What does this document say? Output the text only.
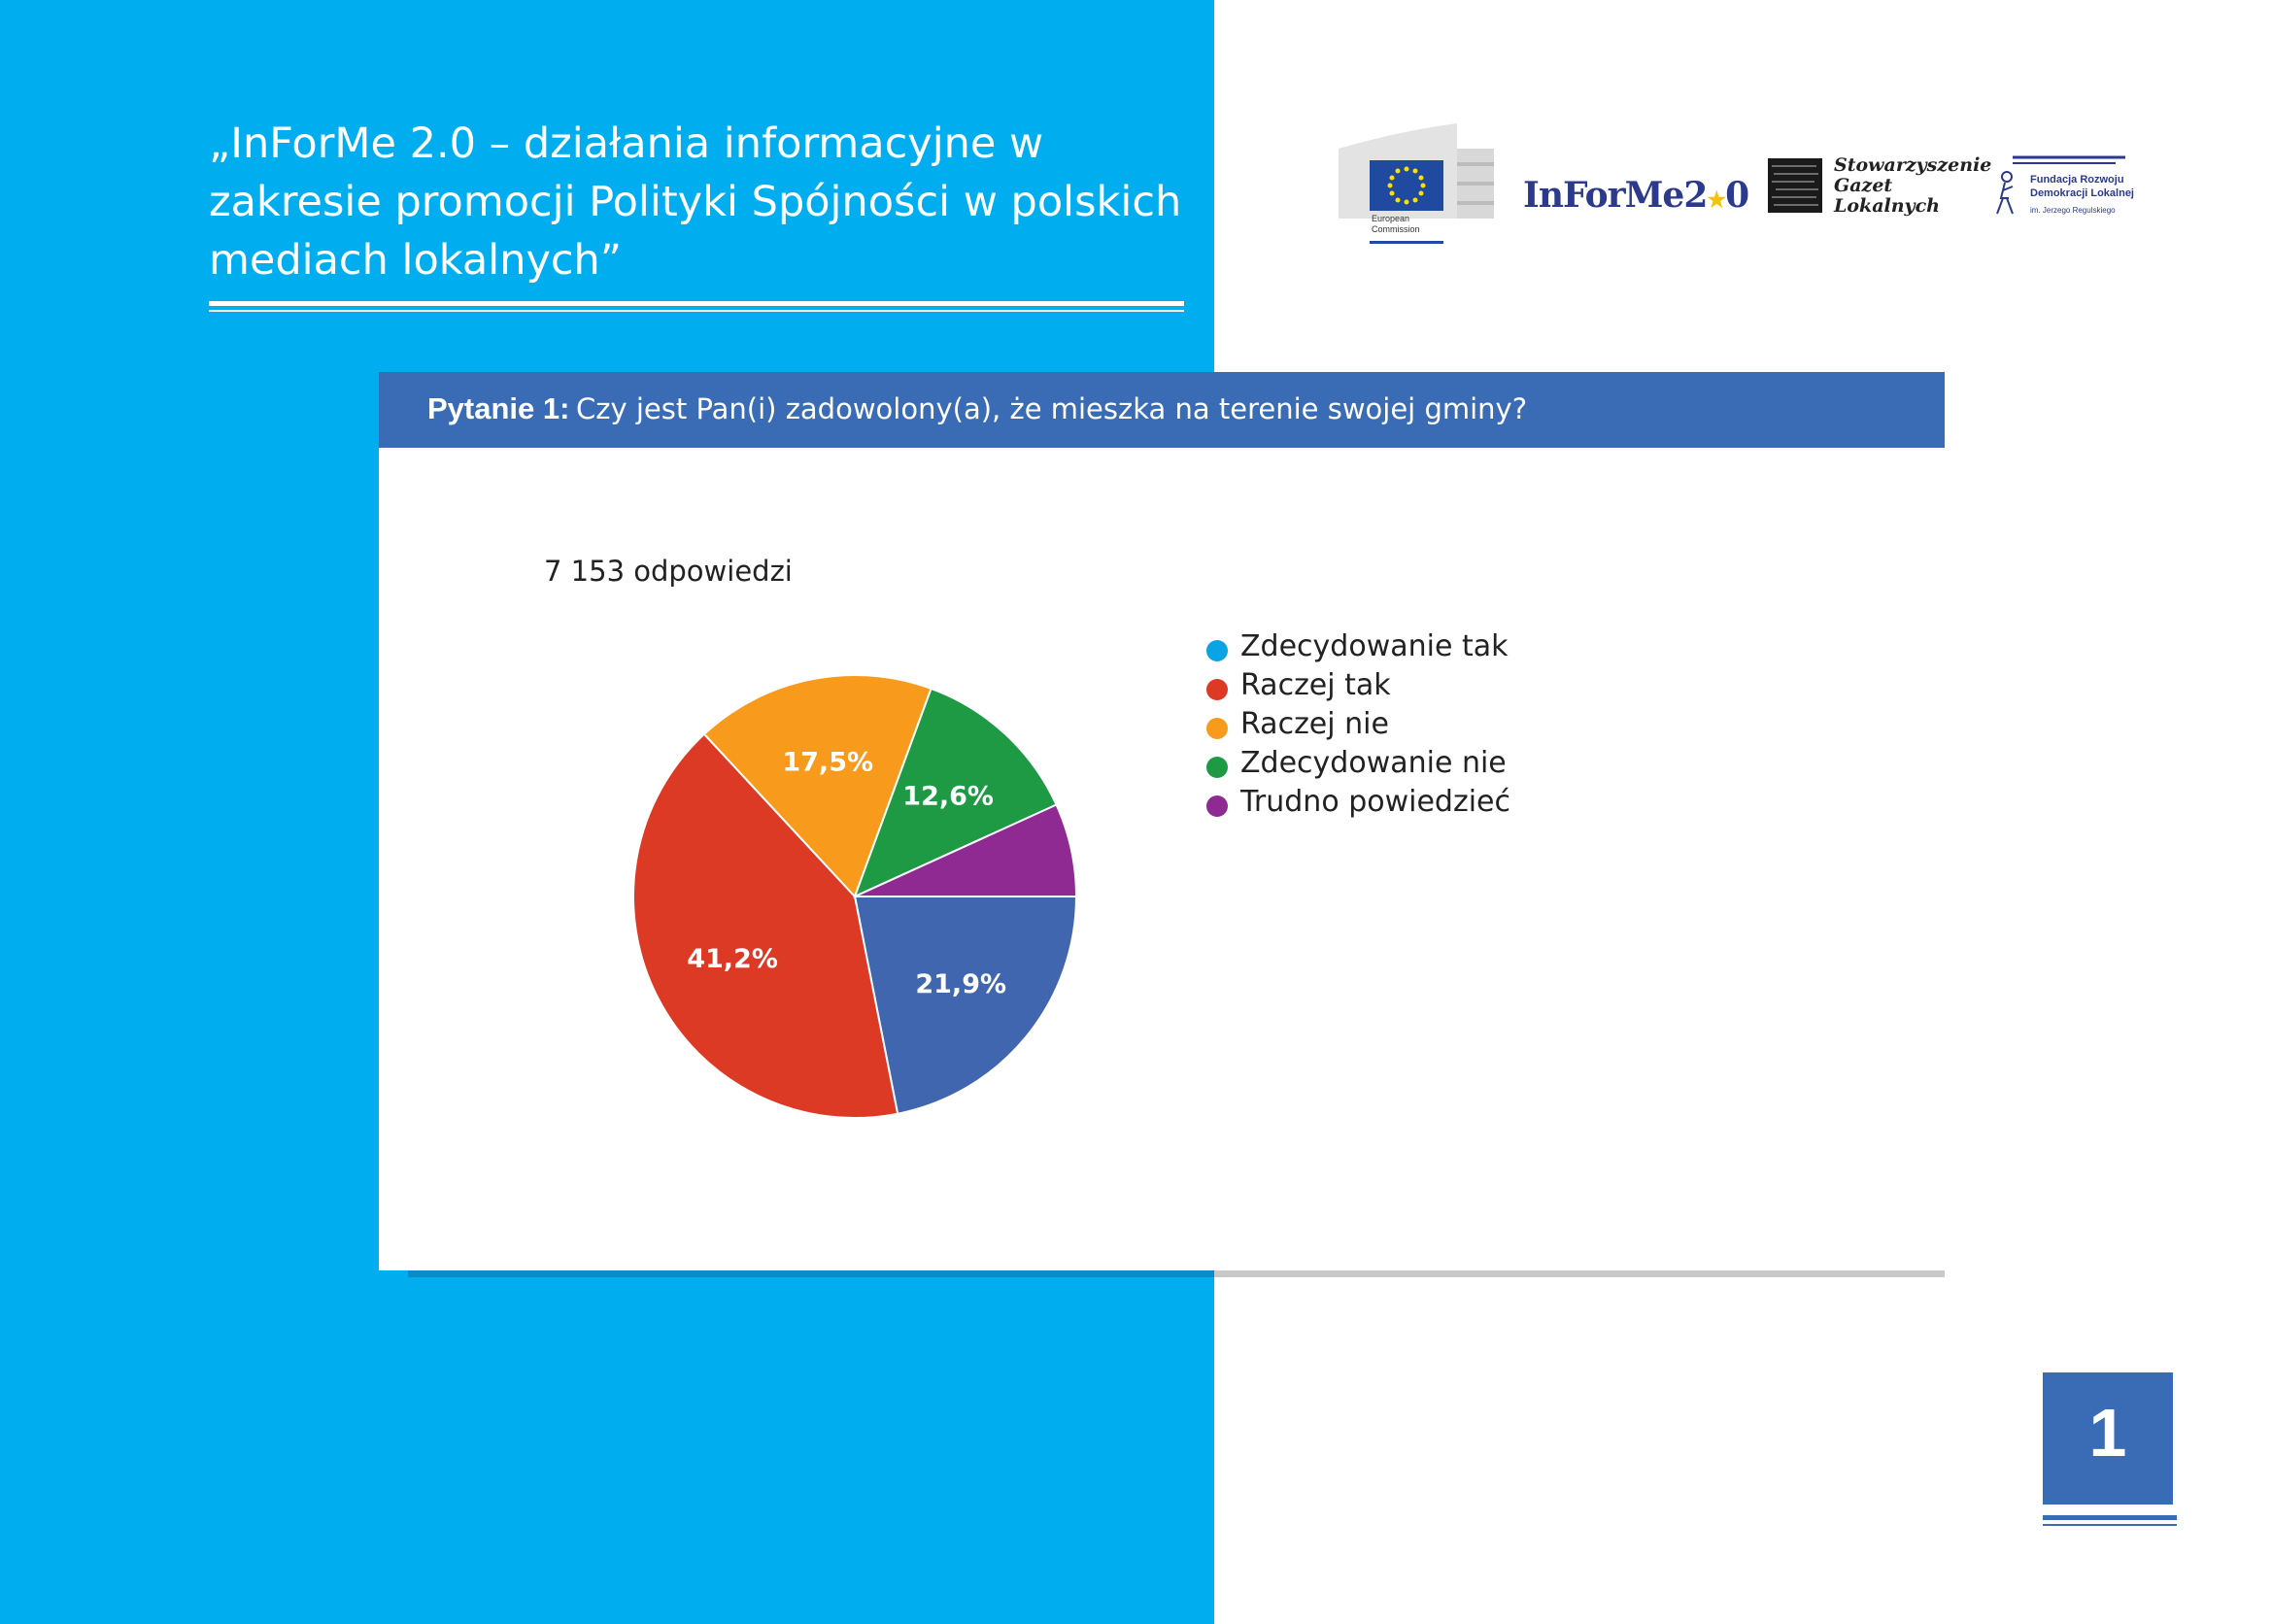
„InForMe 2.0 – działania informacyjne w zakresie promocji Polityki Spójności w polskich mediach lokalnych”
European
Commission
InForMe2★0
Stowarzyszenie
Gazet
Lokalnych
Fundacja Rozwoju
Demokracji Lokalnej
im. Jerzego Regulskiego
Pytanie 1: Czy jest Pan(i) zadowolony(a), że mieszka na terenie swojej gminy?
7 153 odpowiedzi
21,9%
41,2%
17,5%
12,6%
Zdecydowanie tak
Raczej tak
Raczej nie
Zdecydowanie nie
Trudno powiedzieć
1
